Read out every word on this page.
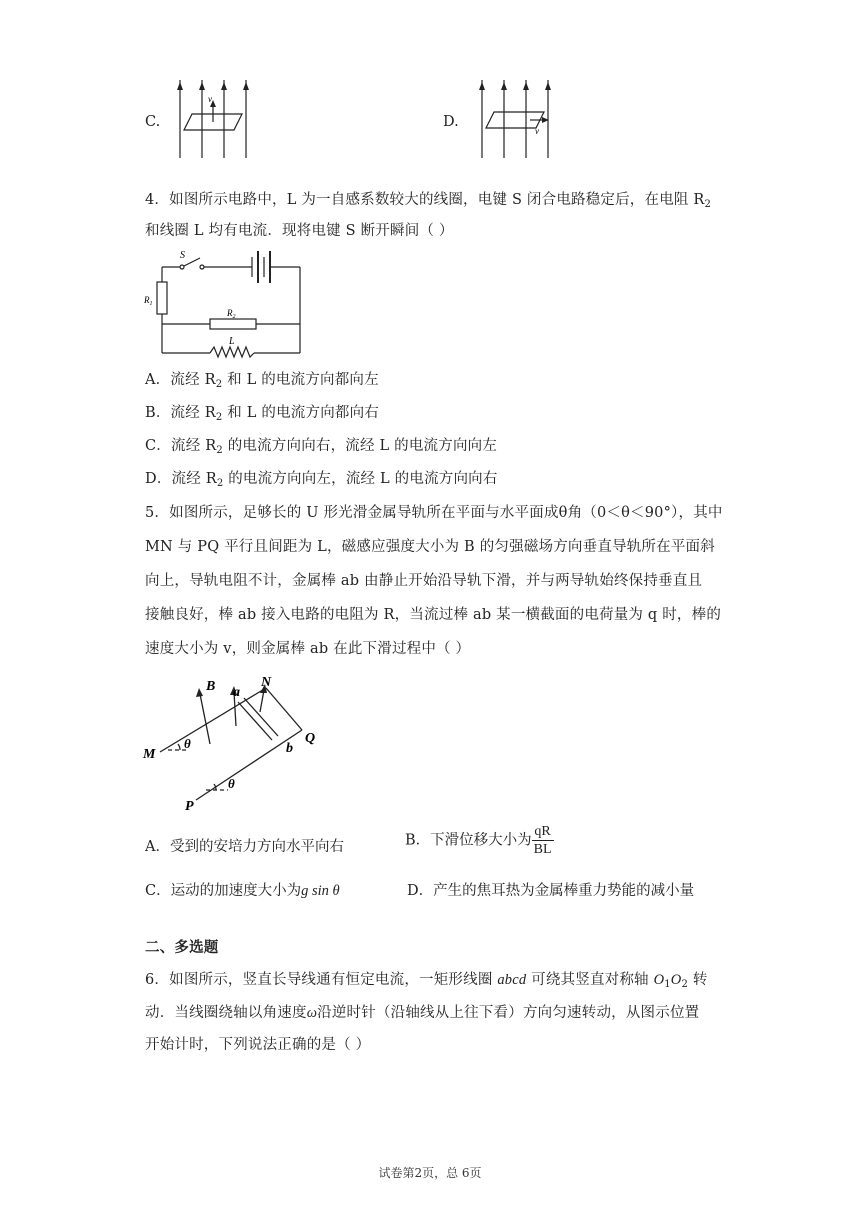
C.
v
D.
v
4．如图所示电路中，L 为一自感系数较大的线圈，电键 S 闭合电路稳定后，在电阻 $R_2$
和线圈 L 均有电流．现将电键 S 断开瞬间（ ）
S
$R_1$
$R_2$
L
A．流经 $R_2$ 和 L 的电流方向都向左
B．流经 $R_2$ 和 L 的电流方向都向右
C．流经 $R_2$ 的电流方向向右，流经 L 的电流方向向左
D．流经 $R_2$ 的电流方向向左，流经 L 的电流方向向右
5．如图所示，足够长的 U 形光滑金属导轨所在平面与水平面成θ角（0＜θ＜90°），其中
MN 与 PQ 平行且间距为 L，磁感应强度大小为 B 的匀强磁场方向垂直导轨所在平面斜
向上，导轨电阻不计，金属棒 ab 由静止开始沿导轨下滑，并与两导轨始终保持垂直且
接触良好，棒 ab 接入电路的电阻为 R，当流过棒 ab 某一横截面的电荷量为 q 时，棒的
速度大小为 v，则金属棒 ab 在此下滑过程中（ ）
B a
N
M
θ	b
Q
P
θ
A．受到的安培力方向水平向右	B．下滑位移大小为 $\frac{qR}{BL}$
C．运动的加速度大小为g sin θ	D．产生的焦耳热为金属棒重力势能的减小量
二、多选题
6．如图所示，竖直长导线通有恒定电流，一矩形线圈 abcd 可绕其竖直对称轴 $O_1O_2$ 转
动．当线圈绕轴以角速度ω沿逆时针（沿轴线从上往下看）方向匀速转动，从图示位置
开始计时，下列说法正确的是（ ）
试卷第2页，总 6页
